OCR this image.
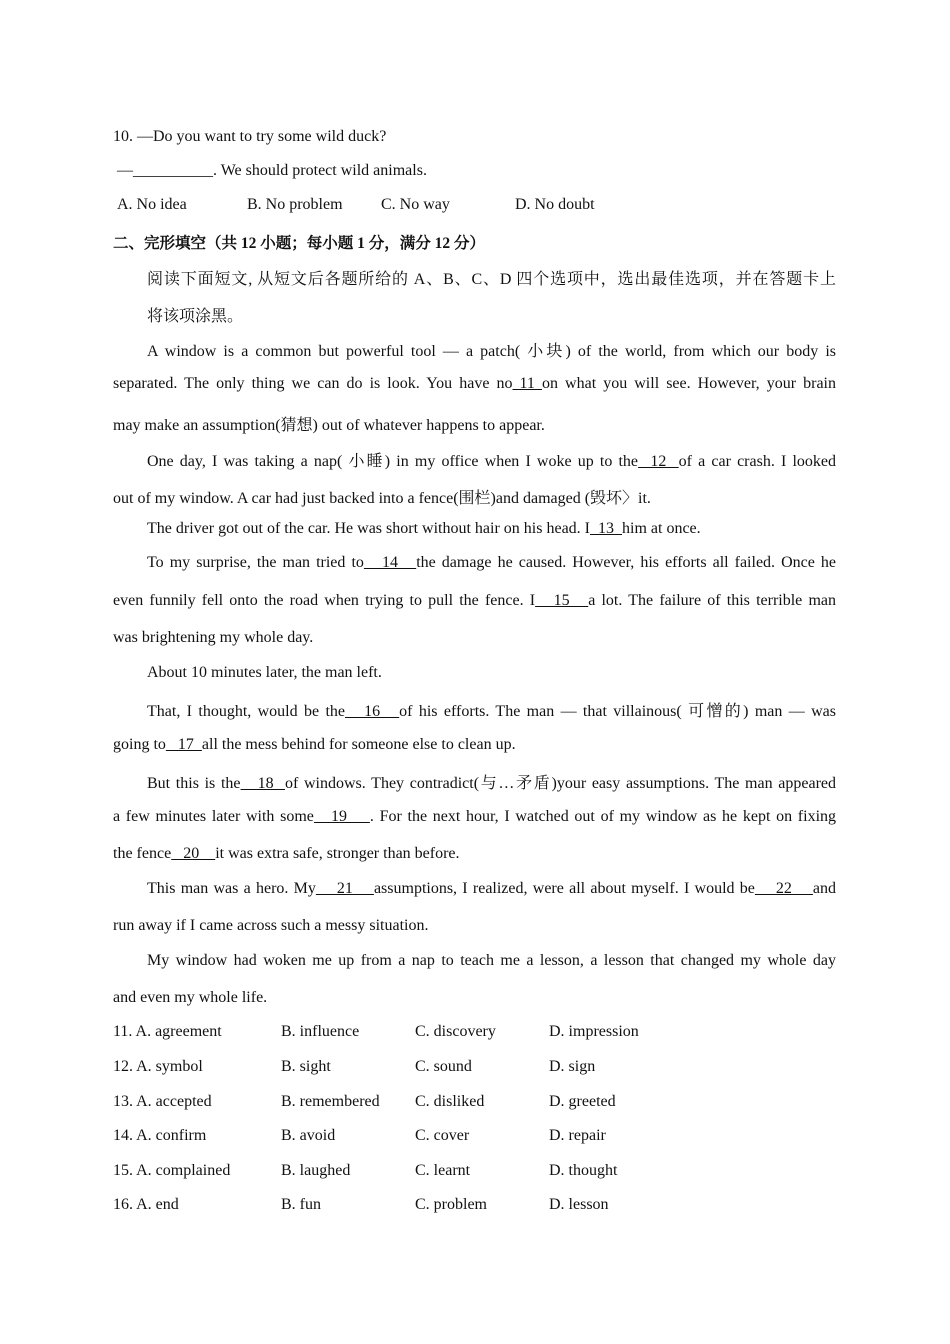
10. —Do you want to try some wild duck?
—__________. We should protect wild animals.
A. No idea	B. No problem C. No way	D. No doubt
二、完形填空（共 12 小题；每小题 1 分，满分 12 分）
阅读下面短文, 从短文后各题所给的 A、B、C、D 四个选项中，选出最佳选项，并在答题卡上
将该项涂黑。
A window is a common but powerful tool — a patch( 小块) of the world, from which our body is
separated. The only thing we can do is look. You have no 11 on what you will see. However, your brain
may make an assumption(猜想) out of whatever happens to appear.
One day, I was taking a nap( 小睡) in my office when I woke up to the  12  of a car crash. I looked
out of my window. A car had just backed into a fence(围栏)and damaged (毁坏〉it.
The driver got out of the car. He was short without hair on his head. I  13  him at once.
To my surprise, the man tried to   14   the damage he caused. However, his efforts all failed. Once he
even funnily fell onto the road when trying to pull the fence. I   15   a lot. The failure of this terrible man
was brightening my whole day.
About 10 minutes later, the man left.
That, I thought, would be the   16   of his efforts. The man — that villainous( 可憎的) man — was
going to   17  all the mess behind for someone else to clean up.
But this is the   18  of windows. They contradict(与…矛盾)your easy assumptions. The man appeared
a few minutes later with some   19    . For the next hour, I watched out of my window as he kept on fixing
the fence   20    it was extra safe, stronger than before.
This man was a hero. My    21    assumptions, I realized, were all about myself. I would be    22    and
run away if I came across such a messy situation.
My window had woken me up from a nap to teach me a lesson, a lesson that changed my whole day
and even my whole life.
11. A. agreement	B. influence	C. discovery	D. impression
12. A. symbol	B. sight	C. sound	D. sign
13. A. accepted	B. remembered C. disliked	D. greeted
14. A. confirm	B. avoid	C. cover	D. repair
15. A. complained	B. laughed	C. learnt	D. thought
16. A. end	B. fun	C. problem	D. lesson
